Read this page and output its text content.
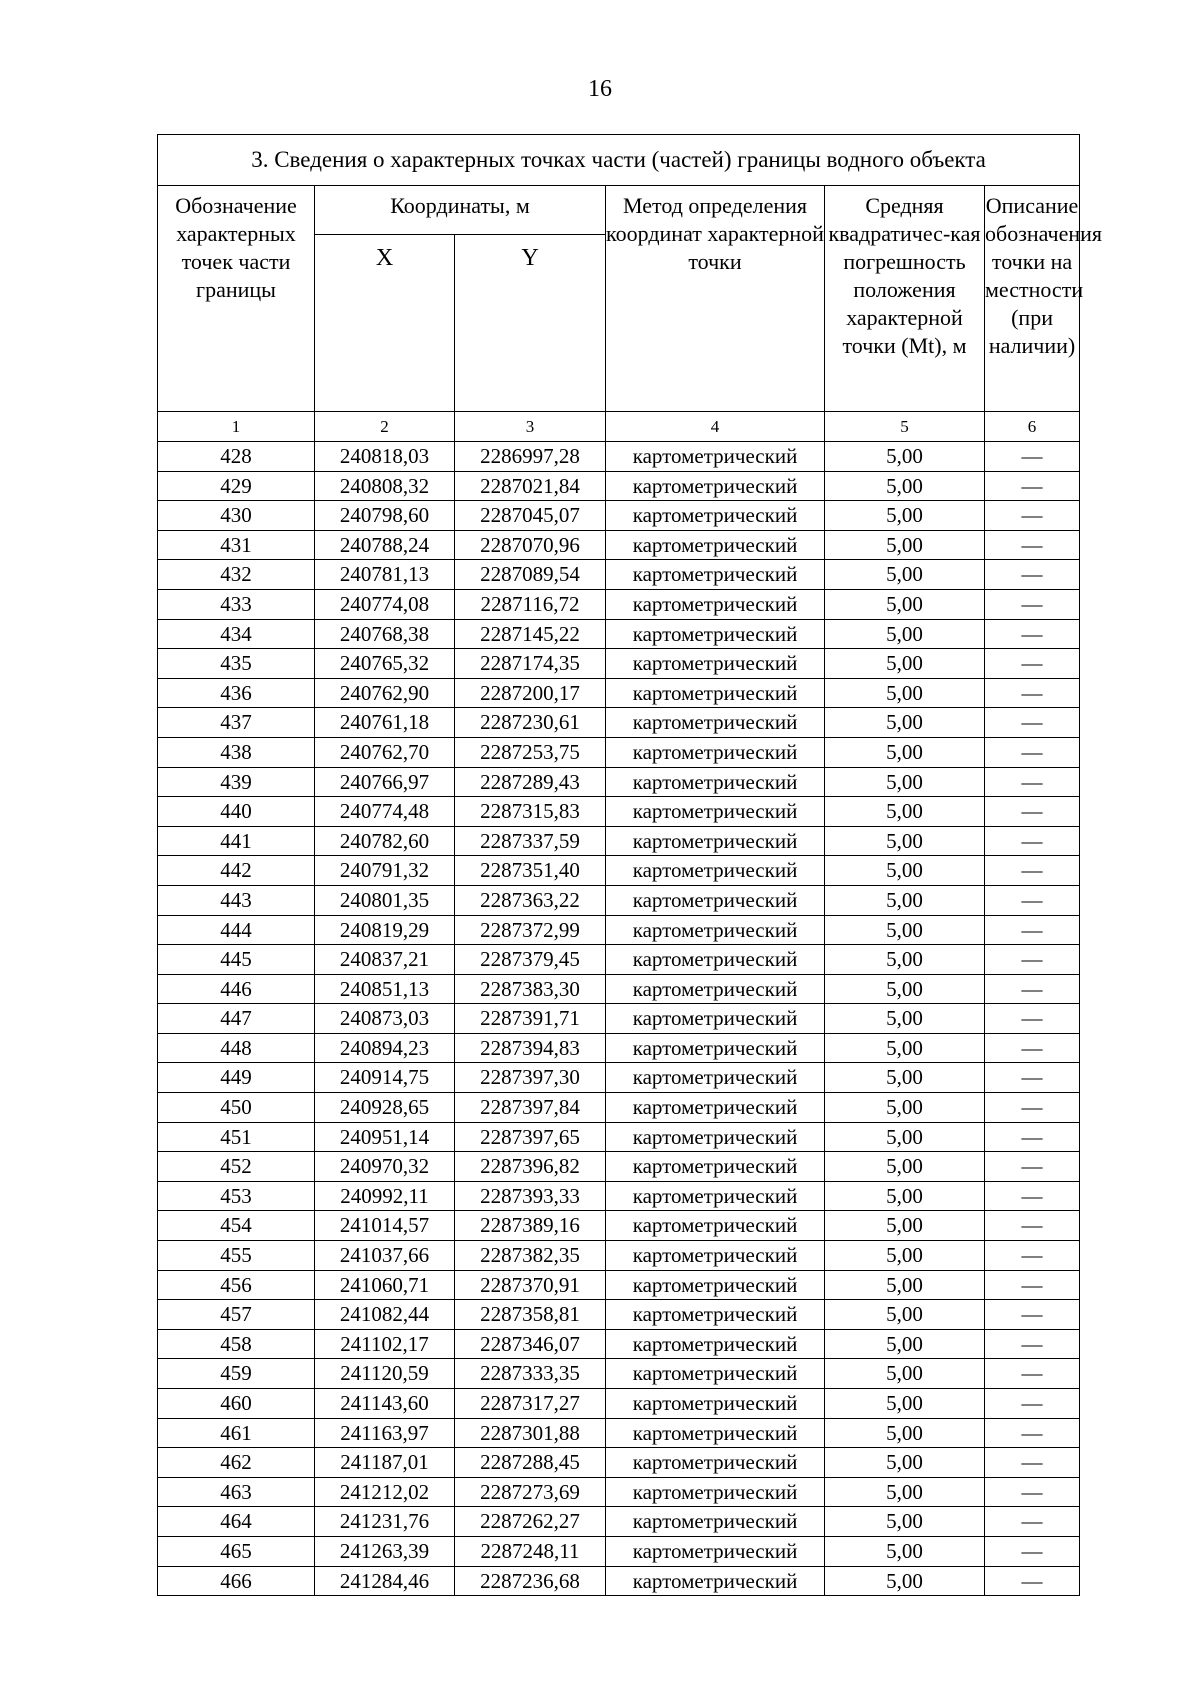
16
3. Сведения о характерных точках части (частей) границы водного объекта					
Обозначение характерных точек части границы	Координаты, м		Метод определения координат характерной точки	Средняя квадратичес-кая погрешность положения характерной точки (Mt), м	Описание обозначения точки на местности (при наличии)
	X	Y			
1	2	3	4	5	6
428	240818,03	2286997,28	картометрический	5,00	—
429	240808,32	2287021,84	картометрический	5,00	—
430	240798,60	2287045,07	картометрический	5,00	—
431	240788,24	2287070,96	картометрический	5,00	—
432	240781,13	2287089,54	картометрический	5,00	—
433	240774,08	2287116,72	картометрический	5,00	—
434	240768,38	2287145,22	картометрический	5,00	—
435	240765,32	2287174,35	картометрический	5,00	—
436	240762,90	2287200,17	картометрический	5,00	—
437	240761,18	2287230,61	картометрический	5,00	—
438	240762,70	2287253,75	картометрический	5,00	—
439	240766,97	2287289,43	картометрический	5,00	—
440	240774,48	2287315,83	картометрический	5,00	—
441	240782,60	2287337,59	картометрический	5,00	—
442	240791,32	2287351,40	картометрический	5,00	—
443	240801,35	2287363,22	картометрический	5,00	—
444	240819,29	2287372,99	картометрический	5,00	—
445	240837,21	2287379,45	картометрический	5,00	—
446	240851,13	2287383,30	картометрический	5,00	—
447	240873,03	2287391,71	картометрический	5,00	—
448	240894,23	2287394,83	картометрический	5,00	—
449	240914,75	2287397,30	картометрический	5,00	—
450	240928,65	2287397,84	картометрический	5,00	—
451	240951,14	2287397,65	картометрический	5,00	—
452	240970,32	2287396,82	картометрический	5,00	—
453	240992,11	2287393,33	картометрический	5,00	—
454	241014,57	2287389,16	картометрический	5,00	—
455	241037,66	2287382,35	картометрический	5,00	—
456	241060,71	2287370,91	картометрический	5,00	—
457	241082,44	2287358,81	картометрический	5,00	—
458	241102,17	2287346,07	картометрический	5,00	—
459	241120,59	2287333,35	картометрический	5,00	—
460	241143,60	2287317,27	картометрический	5,00	—
461	241163,97	2287301,88	картометрический	5,00	—
462	241187,01	2287288,45	картометрический	5,00	—
463	241212,02	2287273,69	картометрический	5,00	—
464	241231,76	2287262,27	картометрический	5,00	—
465	241263,39	2287248,11	картометрический	5,00	—
466	241284,46	2287236,68	картометрический	5,00	—
